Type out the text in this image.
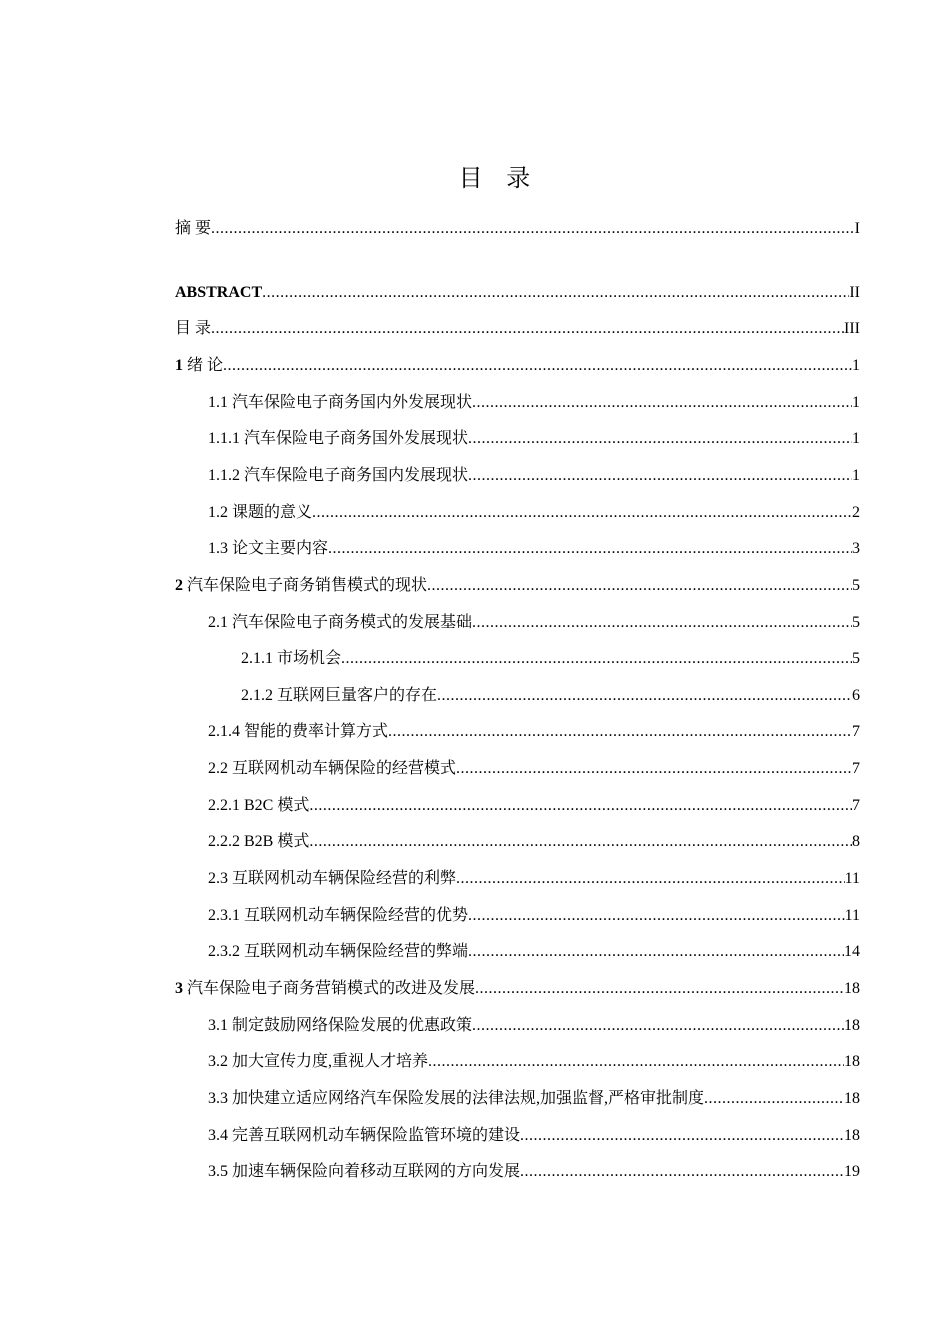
目 录
摘 要 .....	I
ABSTRACT .....	II
目 录 .....	III
1 绪 论 .....	1
1.1 汽车保险电子商务国内外发展现状 .....	1
1.1.1 汽车保险电子商务国外发展现状 .....	1
1.1.2 汽车保险电子商务国内发展现状 .....	1
1.2 课题的意义 .....	2
1.3 论文主要内容 .....	3
2 汽车保险电子商务销售模式的现状 .....	5
2.1 汽车保险电子商务模式的发展基础 .....	5
2.1.1 市场机会 .....	5
2.1.2 互联网巨量客户的存在 .....	6
2.1.4 智能的费率计算方式 .....	7
2.2 互联网机动车辆保险的经营模式 .....	7
2.2.1 B2C 模式 .....	7
2.2.2 B2B 模式 .....	8
2.3 互联网机动车辆保险经营的利弊 .....	11
2.3.1 互联网机动车辆保险经营的优势 .....	11
2.3.2 互联网机动车辆保险经营的弊端 .....	14
3 汽车保险电子商务营销模式的改进及发展 .....	18
3.1 制定鼓励网络保险发展的优惠政策 .....	18
3.2 加大宣传力度,重视人才培养 .....	18
3.3 加快建立适应网络汽车保险发展的法律法规,加强监督,严格审批制度 .....	18
3.4 完善互联网机动车辆保险监管环境的建设 .....	18
3.5 加速车辆保险向着移动互联网的方向发展 .....	19
